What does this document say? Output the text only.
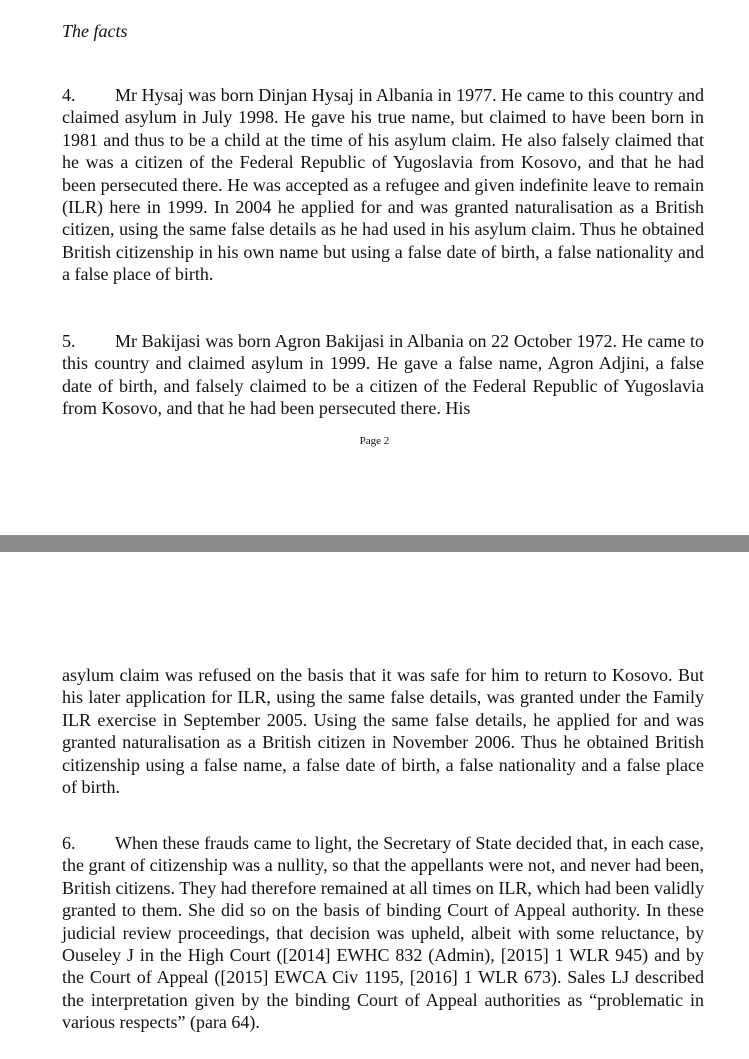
The facts

4. Mr Hysaj was born Dinjan Hysaj in Albania in 1977. He came to this country and claimed asylum in July 1998. He gave his true name, but claimed to have been born in 1981 and thus to be a child at the time of his asylum claim. He also falsely claimed that he was a citizen of the Federal Republic of Yugoslavia from Kosovo, and that he had been persecuted there. He was accepted as a refugee and given indefinite leave to remain (ILR) here in 1999. In 2004 he applied for and was granted naturalisation as a British citizen, using the same false details as he had used in his asylum claim. Thus he obtained British citizenship in his own name but using a false date of birth, a false nationality and a false place of birth.

5. Mr Bakijasi was born Agron Bakijasi in Albania on 22 October 1972. He came to this country and claimed asylum in 1999. He gave a false name, Agron Adjini, a false date of birth, and falsely claimed to be a citizen of the Federal Republic of Yugoslavia from Kosovo, and that he had been persecuted there. His

Page 2

asylum claim was refused on the basis that it was safe for him to return to Kosovo. But his later application for ILR, using the same false details, was granted under the Family ILR exercise in September 2005. Using the same false details, he applied for and was granted naturalisation as a British citizen in November 2006. Thus he obtained British citizenship using a false name, a false date of birth, a false nationality and a false place of birth.

6. When these frauds came to light, the Secretary of State decided that, in each case, the grant of citizenship was a nullity, so that the appellants were not, and never had been, British citizens. They had therefore remained at all times on ILR, which had been validly granted to them. She did so on the basis of binding Court of Appeal authority. In these judicial review proceedings, that decision was upheld, albeit with some reluctance, by Ouseley J in the High Court ([2014] EWHC 832 (Admin), [2015] 1 WLR 945) and by the Court of Appeal ([2015] EWCA Civ 1195, [2016] 1 WLR 673). Sales LJ described the interpretation given by the binding Court of Appeal authorities as “problematic in various respects” (para 64).
